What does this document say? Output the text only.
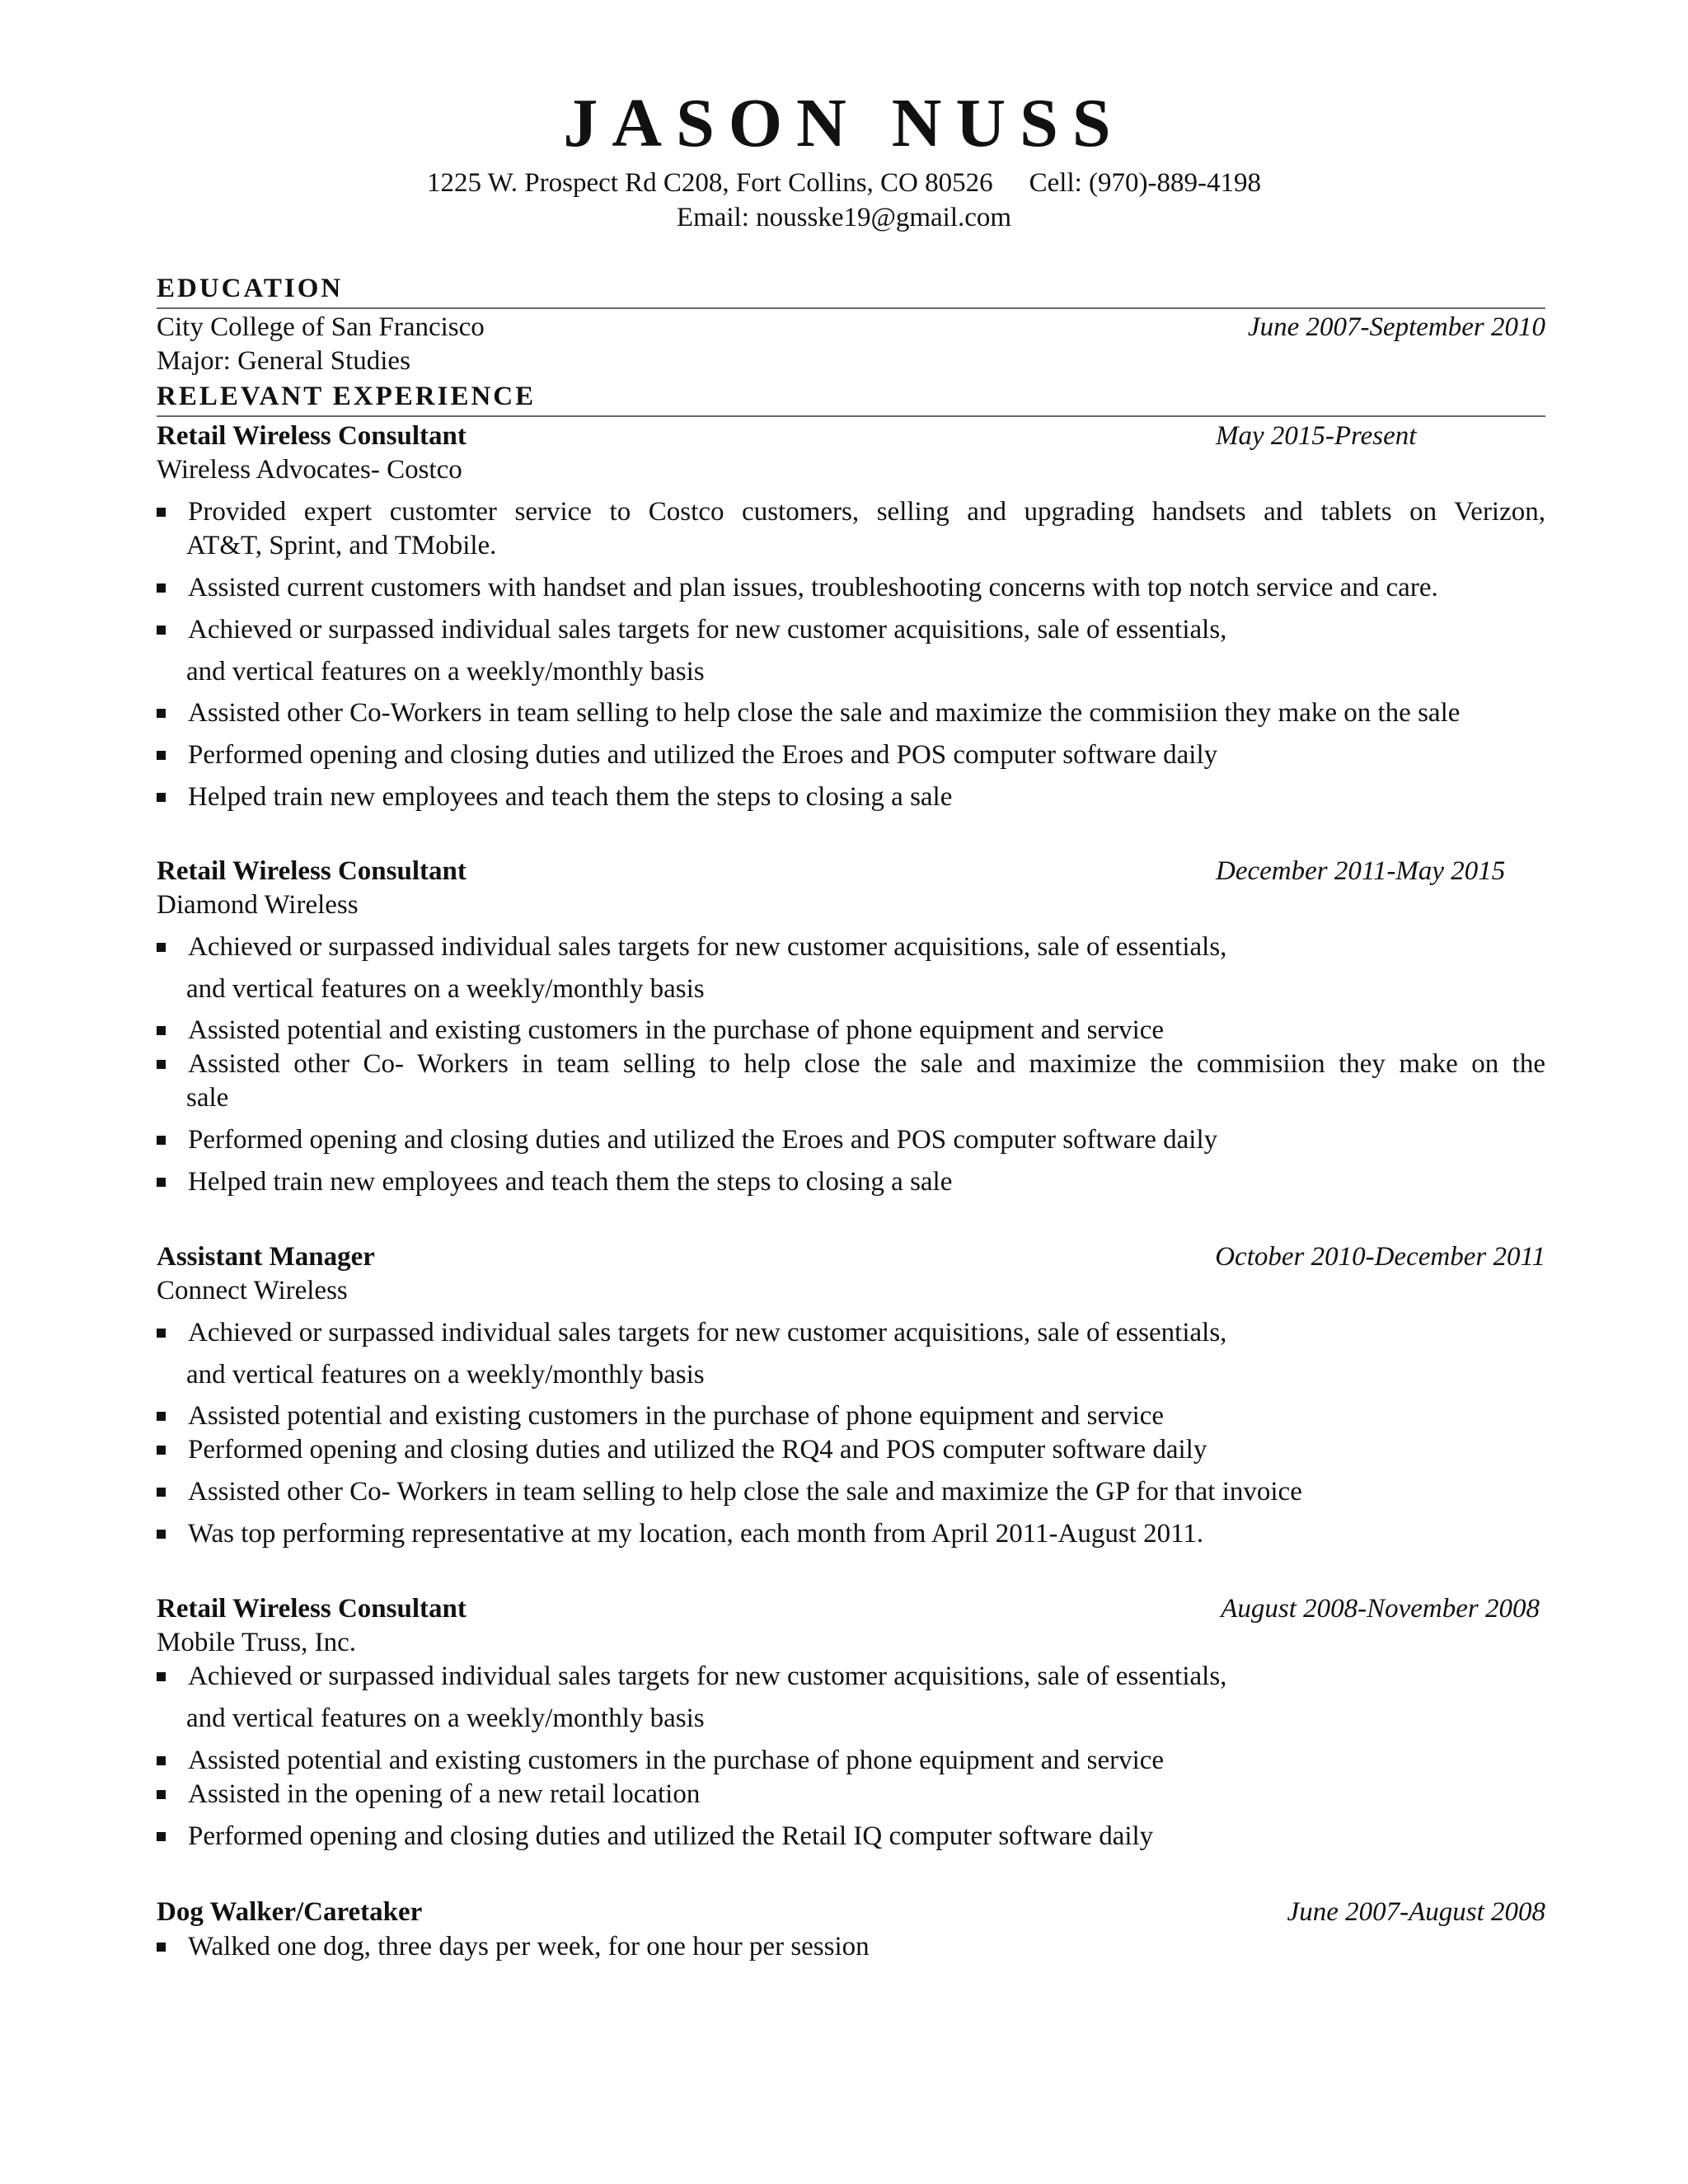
JASON NUSS
1225 W. Prospect Rd C208, Fort Collins, CO 80526 Cell: (970)-889-4198
Email: nousske19@gmail.com
EDUCATION
City College of San Francisco	June 2007-September 2010
Major: General Studies
RELEVANT EXPERIENCE
Retail Wireless Consultant	May 2015-Present
Wireless Advocates- Costco
Provided expert customter service to Costco customers, selling and upgrading handsets and tablets on Verizon,
AT&T, Sprint, and TMobile.
Assisted current customers with handset and plan issues, troubleshooting concerns with top notch service and care.
Achieved or surpassed individual sales targets for new customer acquisitions, sale of essentials,
and vertical features on a weekly/monthly basis
Assisted other Co-Workers in team selling to help close the sale and maximize the commisiion they make on the sale
Performed opening and closing duties and utilized the Eroes and POS computer software daily
Helped train new employees and teach them the steps to closing a sale
Retail Wireless Consultant	December 2011-May 2015
Diamond Wireless
Achieved or surpassed individual sales targets for new customer acquisitions, sale of essentials,
and vertical features on a weekly/monthly basis
Assisted potential and existing customers in the purchase of phone equipment and service
Assisted other Co- Workers in team selling to help close the sale and maximize the commisiion they make on the
sale
Performed opening and closing duties and utilized the Eroes and POS computer software daily
Helped train new employees and teach them the steps to closing a sale
Assistant Manager	October 2010-December 2011
Connect Wireless
Achieved or surpassed individual sales targets for new customer acquisitions, sale of essentials,
and vertical features on a weekly/monthly basis
Assisted potential and existing customers in the purchase of phone equipment and service
Performed opening and closing duties and utilized the RQ4 and POS computer software daily
Assisted other Co- Workers in team selling to help close the sale and maximize the GP for that invoice
Was top performing representative at my location, each month from April 2011-August 2011.
Retail Wireless Consultant	August 2008-November 2008
Mobile Truss, Inc.
Achieved or surpassed individual sales targets for new customer acquisitions, sale of essentials,
and vertical features on a weekly/monthly basis
Assisted potential and existing customers in the purchase of phone equipment and service
Assisted in the opening of a new retail location
Performed opening and closing duties and utilized the Retail IQ computer software daily
Dog Walker/Caretaker	June 2007-August 2008
Walked one dog, three days per week, for one hour per session
